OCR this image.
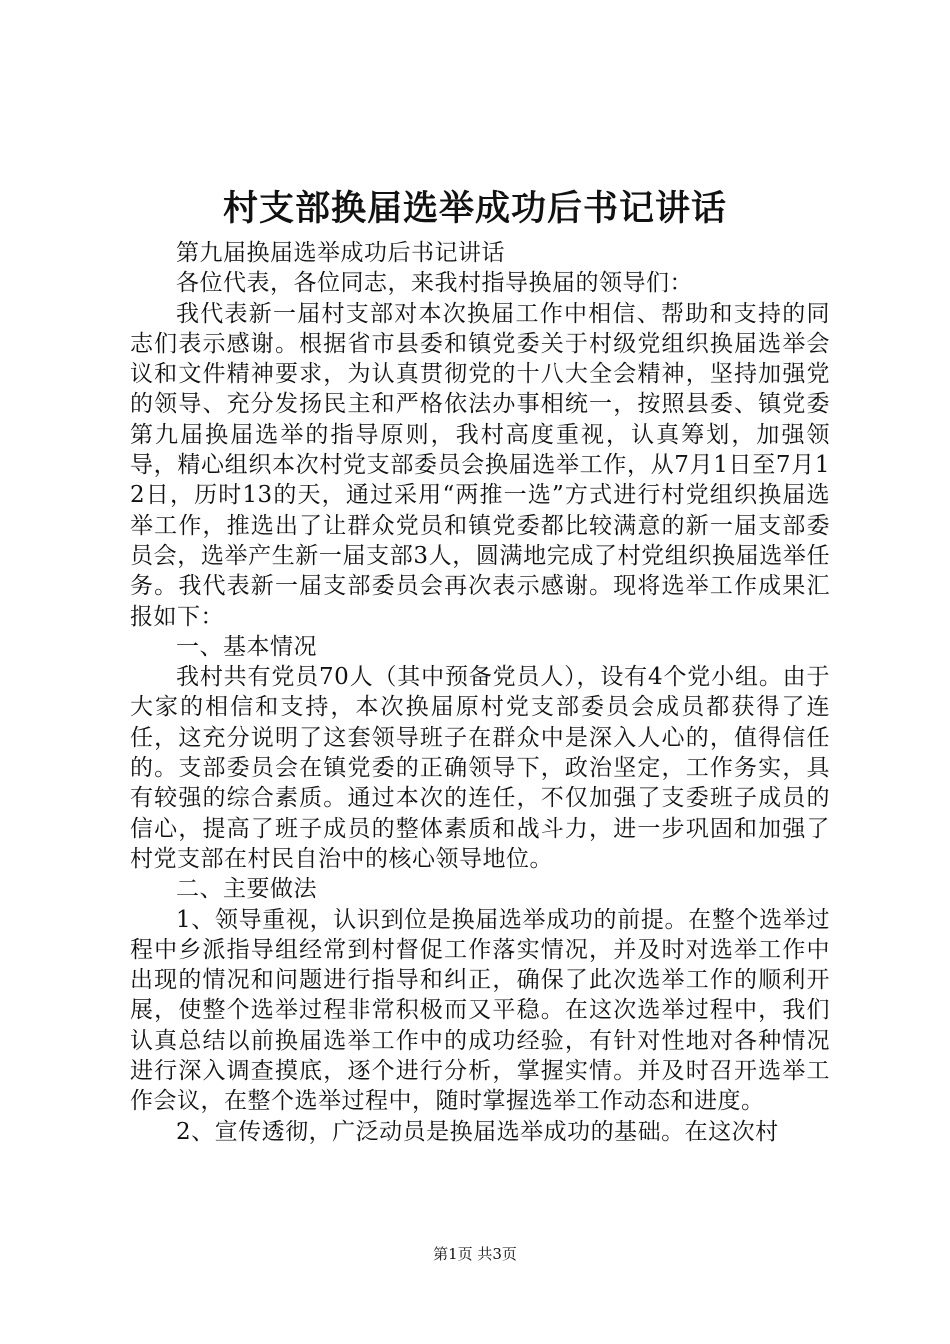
村支部换届选举成功后书记讲话

第九届换届选举成功后书记讲话

各位代表，各位同志，来我村指导换届的领导们：

我代表新一届村支部对本次换届工作中相信、帮助和支持的同志们表示感谢。根据省市县委和镇党委关于村级党组织换届选举会议和文件精神要求，为认真贯彻党的十八大全会精神，坚持加强党的领导、充分发扬民主和严格依法办事相统一，按照县委、镇党委第九届换届选举的指导原则，我村高度重视，认真筹划，加强领导，精心组织本次村党支部委员会换届选举工作，从7月1日至7月12日，历时13的天，通过采用“两推一选”方式进行村党组织换届选举工作，推选出了让群众党员和镇党委都比较满意的新一届支部委员会，选举产生新一届支部3人，圆满地完成了村党组织换届选举任务。我代表新一届支部委员会再次表示感谢。现将选举工作成果汇报如下：

一、基本情况

我村共有党员70人（其中预备党员人），设有4个党小组。由于大家的相信和支持，本次换届原村党支部委员会成员都获得了连任，这充分说明了这套领导班子在群众中是深入人心的，值得信任的。支部委员会在镇党委的正确领导下，政治坚定，工作务实，具有较强的综合素质。通过本次的连任，不仅加强了支委班子成员的信心，提高了班子成员的整体素质和战斗力，进一步巩固和加强了村党支部在村民自治中的核心领导地位。

二、主要做法

1、领导重视，认识到位是换届选举成功的前提。在整个选举过程中乡派指导组经常到村督促工作落实情况，并及时对选举工作中出现的情况和问题进行指导和纠正，确保了此次选举工作的顺利开展，使整个选举过程非常积极而又平稳。在这次选举过程中，我们认真总结以前换届选举工作中的成功经验，有针对性地对各种情况进行深入调查摸底，逐个进行分析，掌握实情。并及时召开选举工作会议，在整个选举过程中，随时掌握选举工作动态和进度。

2、宣传透彻，广泛动员是换届选举成功的基础。在这次村

第1页 共3页
